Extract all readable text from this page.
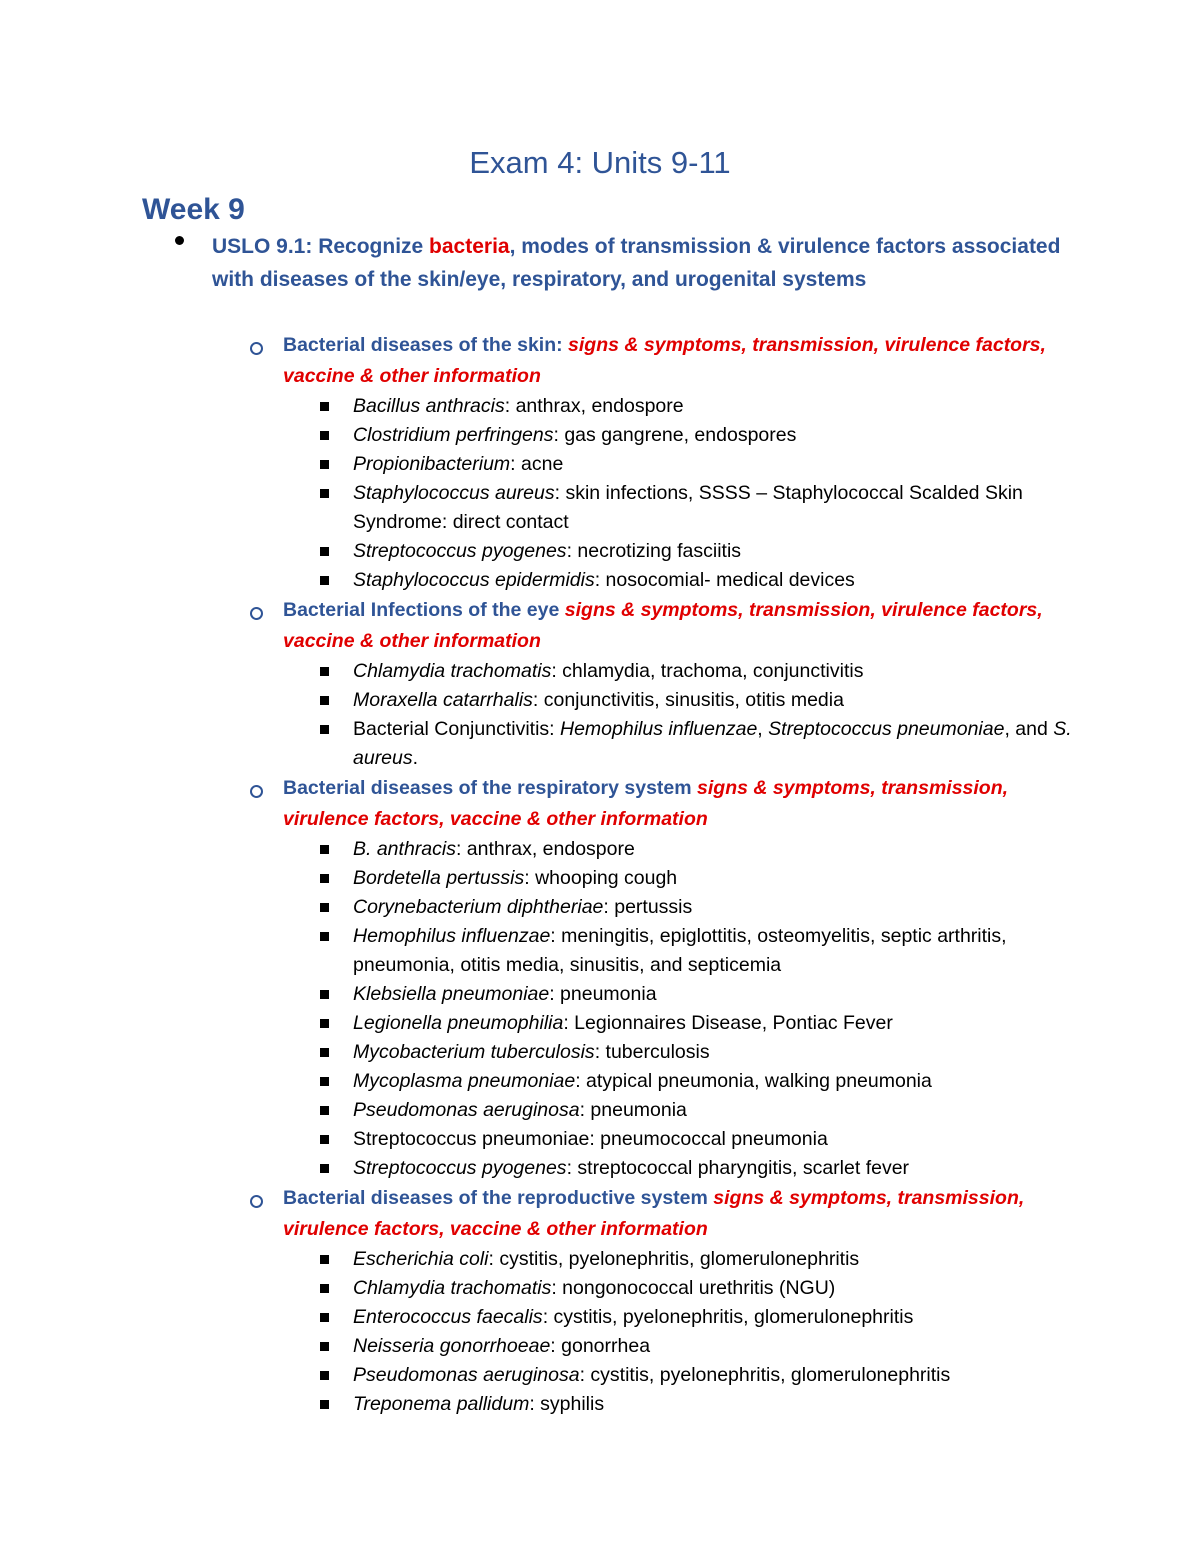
Exam 4: Units 9-11
Week 9
USLO 9.1: Recognize bacteria, modes of transmission & virulence factors associated with diseases of the skin/eye, respiratory, and urogenital systems
Bacterial diseases of the skin: signs & symptoms, transmission, virulence factors, vaccine & other information
Bacillus anthracis: anthrax, endospore
Clostridium perfringens: gas gangrene, endospores
Propionibacterium: acne
Staphylococcus aureus: skin infections, SSSS – Staphylococcal Scalded Skin Syndrome: direct contact
Streptococcus pyogenes: necrotizing fasciitis
Staphylococcus epidermidis: nosocomial- medical devices
Bacterial Infections of the eye signs & symptoms, transmission, virulence factors, vaccine & other information
Chlamydia trachomatis: chlamydia, trachoma, conjunctivitis
Moraxella catarrhalis: conjunctivitis, sinusitis, otitis media
Bacterial Conjunctivitis: Hemophilus influenzae, Streptococcus pneumoniae, and S. aureus.
Bacterial diseases of the respiratory system signs & symptoms, transmission, virulence factors, vaccine & other information
B. anthracis: anthrax, endospore
Bordetella pertussis: whooping cough
Corynebacterium diphtheriae: pertussis
Hemophilus influenzae: meningitis, epiglottitis, osteomyelitis, septic arthritis, pneumonia, otitis media, sinusitis, and septicemia
Klebsiella pneumoniae: pneumonia
Legionella pneumophilia: Legionnaires Disease, Pontiac Fever
Mycobacterium tuberculosis: tuberculosis
Mycoplasma pneumoniae: atypical pneumonia, walking pneumonia
Pseudomonas aeruginosa: pneumonia
Streptococcus pneumoniae: pneumococcal pneumonia
Streptococcus pyogenes: streptococcal pharyngitis, scarlet fever
Bacterial diseases of the reproductive system signs & symptoms, transmission, virulence factors, vaccine & other information
Escherichia coli: cystitis, pyelonephritis, glomerulonephritis
Chlamydia trachomatis: nongonococcal urethritis (NGU)
Enterococcus faecalis: cystitis, pyelonephritis, glomerulonephritis
Neisseria gonorrhoeae: gonorrhea
Pseudomonas aeruginosa: cystitis, pyelonephritis, glomerulonephritis
Treponema pallidum: syphilis
